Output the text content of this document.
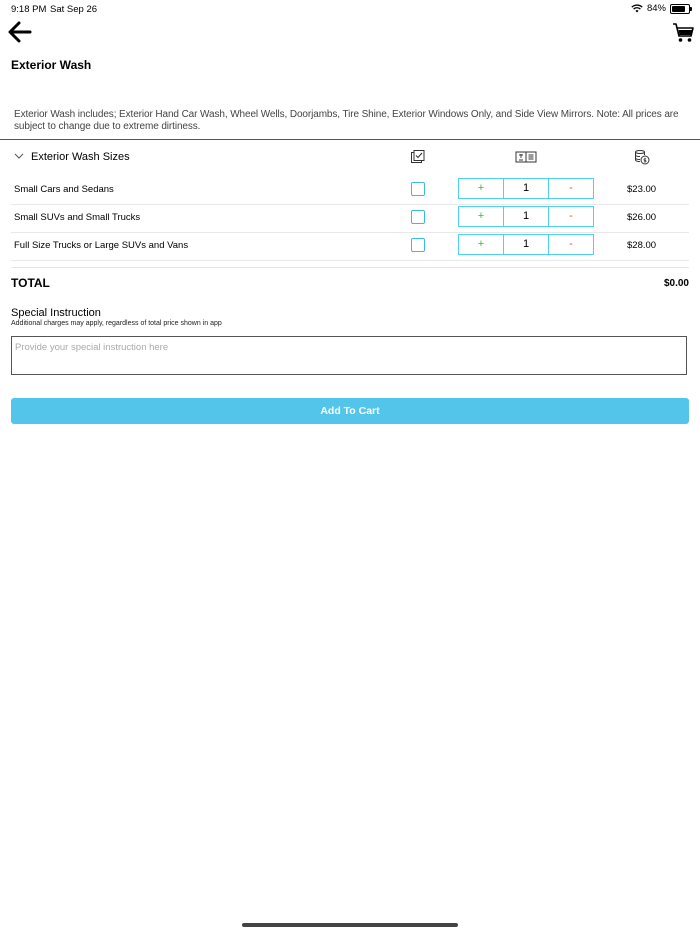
9:18 PM Sat Sep 26	84%
Exterior Wash
Exterior Wash includes; Exterior Hand Car Wash, Wheel Wells, Doorjambs, Tire Shine, Exterior Windows Only, and Side View Mirrors. Note: All prices are subject to change due to extreme dirtiness.
Exterior Wash Sizes
Small Cars and Sedans	+	1	-	$23.00
Small SUVs and Small Trucks	+	1	-	$26.00
Full Size Trucks or Large SUVs and Vans	+	1	-	$28.00
TOTAL	$0.00
Special Instruction
Additional charges may apply, regardless of total price shown in app
Provide your special instruction here
Add To Cart
